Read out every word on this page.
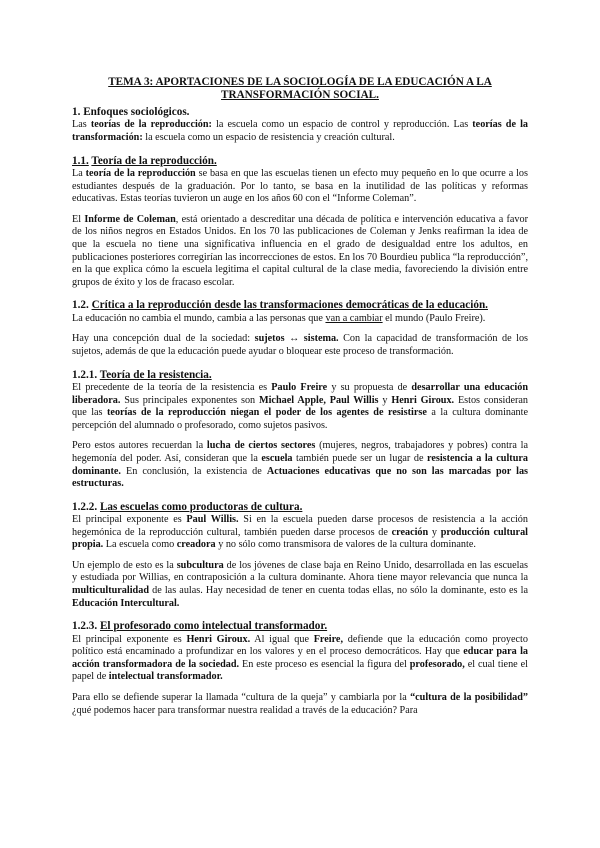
TEMA 3: APORTACIONES DE LA SOCIOLOGÍA DE LA EDUCACIÓN A LA TRANSFORMACIÓN SOCIAL.
1. Enfoques sociológicos.

Las teorías de la reproducción: la escuela como un espacio de control y reproducción. Las teorías de la transformación: la escuela como un espacio de resistencia y creación cultural.

1.1. Teoría de la reproducción.

La teoría de la reproducción se basa en que las escuelas tienen un efecto muy pequeño en lo que ocurre a los estudiantes después de la graduación. Por lo tanto, se basa en la inutilidad de las políticas y reformas educativas. Estas teorías tuvieron un auge en los años 60 con el “Informe Coleman”.

El Informe de Coleman, está orientado a descreditar una década de política e intervención educativa a favor de los niños negros en Estados Unidos. En los 70 las publicaciones de Coleman y Jenks reafirman la idea de que la escuela no tiene una significativa influencia en el grado de desigualdad entre los adultos, en publicaciones posteriores corregirían las incorrecciones de estos. En los 70 Bourdieu publica “la reproducción”, en la que explica cómo la escuela legitima el capital cultural de la clase media, favoreciendo la división entre grupos de éxito y los de fracaso escolar.

1.2. Crítica a la reproducción desde las transformaciones democráticas de la educación.

La educación no cambia el mundo, cambia a las personas que van a cambiar el mundo (Paulo Freire).

Hay una concepción dual de la sociedad: sujetos ↔ sistema. Con la capacidad de transformación de los sujetos, además de que la educación puede ayudar o bloquear este proceso de transformación.

1.2.1. Teoría de la resistencia.

El precedente de la teoría de la resistencia es Paulo Freire y su propuesta de desarrollar una educación liberadora. Sus principales exponentes son Michael Apple, Paul Willis y Henri Giroux. Estos consideran que las teorías de la reproducción niegan el poder de los agentes de resistirse a la cultura dominante percepción del alumnado o profesorado, como sujetos pasivos.

Pero estos autores recuerdan la lucha de ciertos sectores (mujeres, negros, trabajadores y pobres) contra la hegemonía del poder. Así, consideran que la escuela también puede ser un lugar de resistencia a la cultura dominante. En conclusión, la existencia de Actuaciones educativas que no son las marcadas por las estructuras.

1.2.2. Las escuelas como productoras de cultura.

El principal exponente es Paul Willis. Si en la escuela pueden darse procesos de resistencia a la acción hegemónica de la reproducción cultural, también pueden darse procesos de creación y producción cultural propia. La escuela como creadora y no sólo como transmisora de valores de la cultura dominante.

Un ejemplo de esto es la subcultura de los jóvenes de clase baja en Reino Unido, desarrollada en las escuelas y estudiada por Willias, en contraposición a la cultura dominante. Ahora tiene mayor relevancia que nunca la multiculturalidad de las aulas. Hay necesidad de tener en cuenta todas ellas, no sólo la dominante, esto es la Educación Intercultural.

1.2.3. El profesorado como intelectual transformador.

El principal exponente es Henri Giroux. Al igual que Freire, defiende que la educación como proyecto político está encaminado a profundizar en los valores y en el proceso democráticos. Hay que educar para la acción transformadora de la sociedad. En este proceso es esencial la figura del profesorado, el cual tiene el papel de intelectual transformador.

Para ello se defiende superar la llamada “cultura de la queja” y cambiarla por la “cultura de la posibilidad” ¿qué podemos hacer para transformar nuestra realidad a través de la educación? Para
